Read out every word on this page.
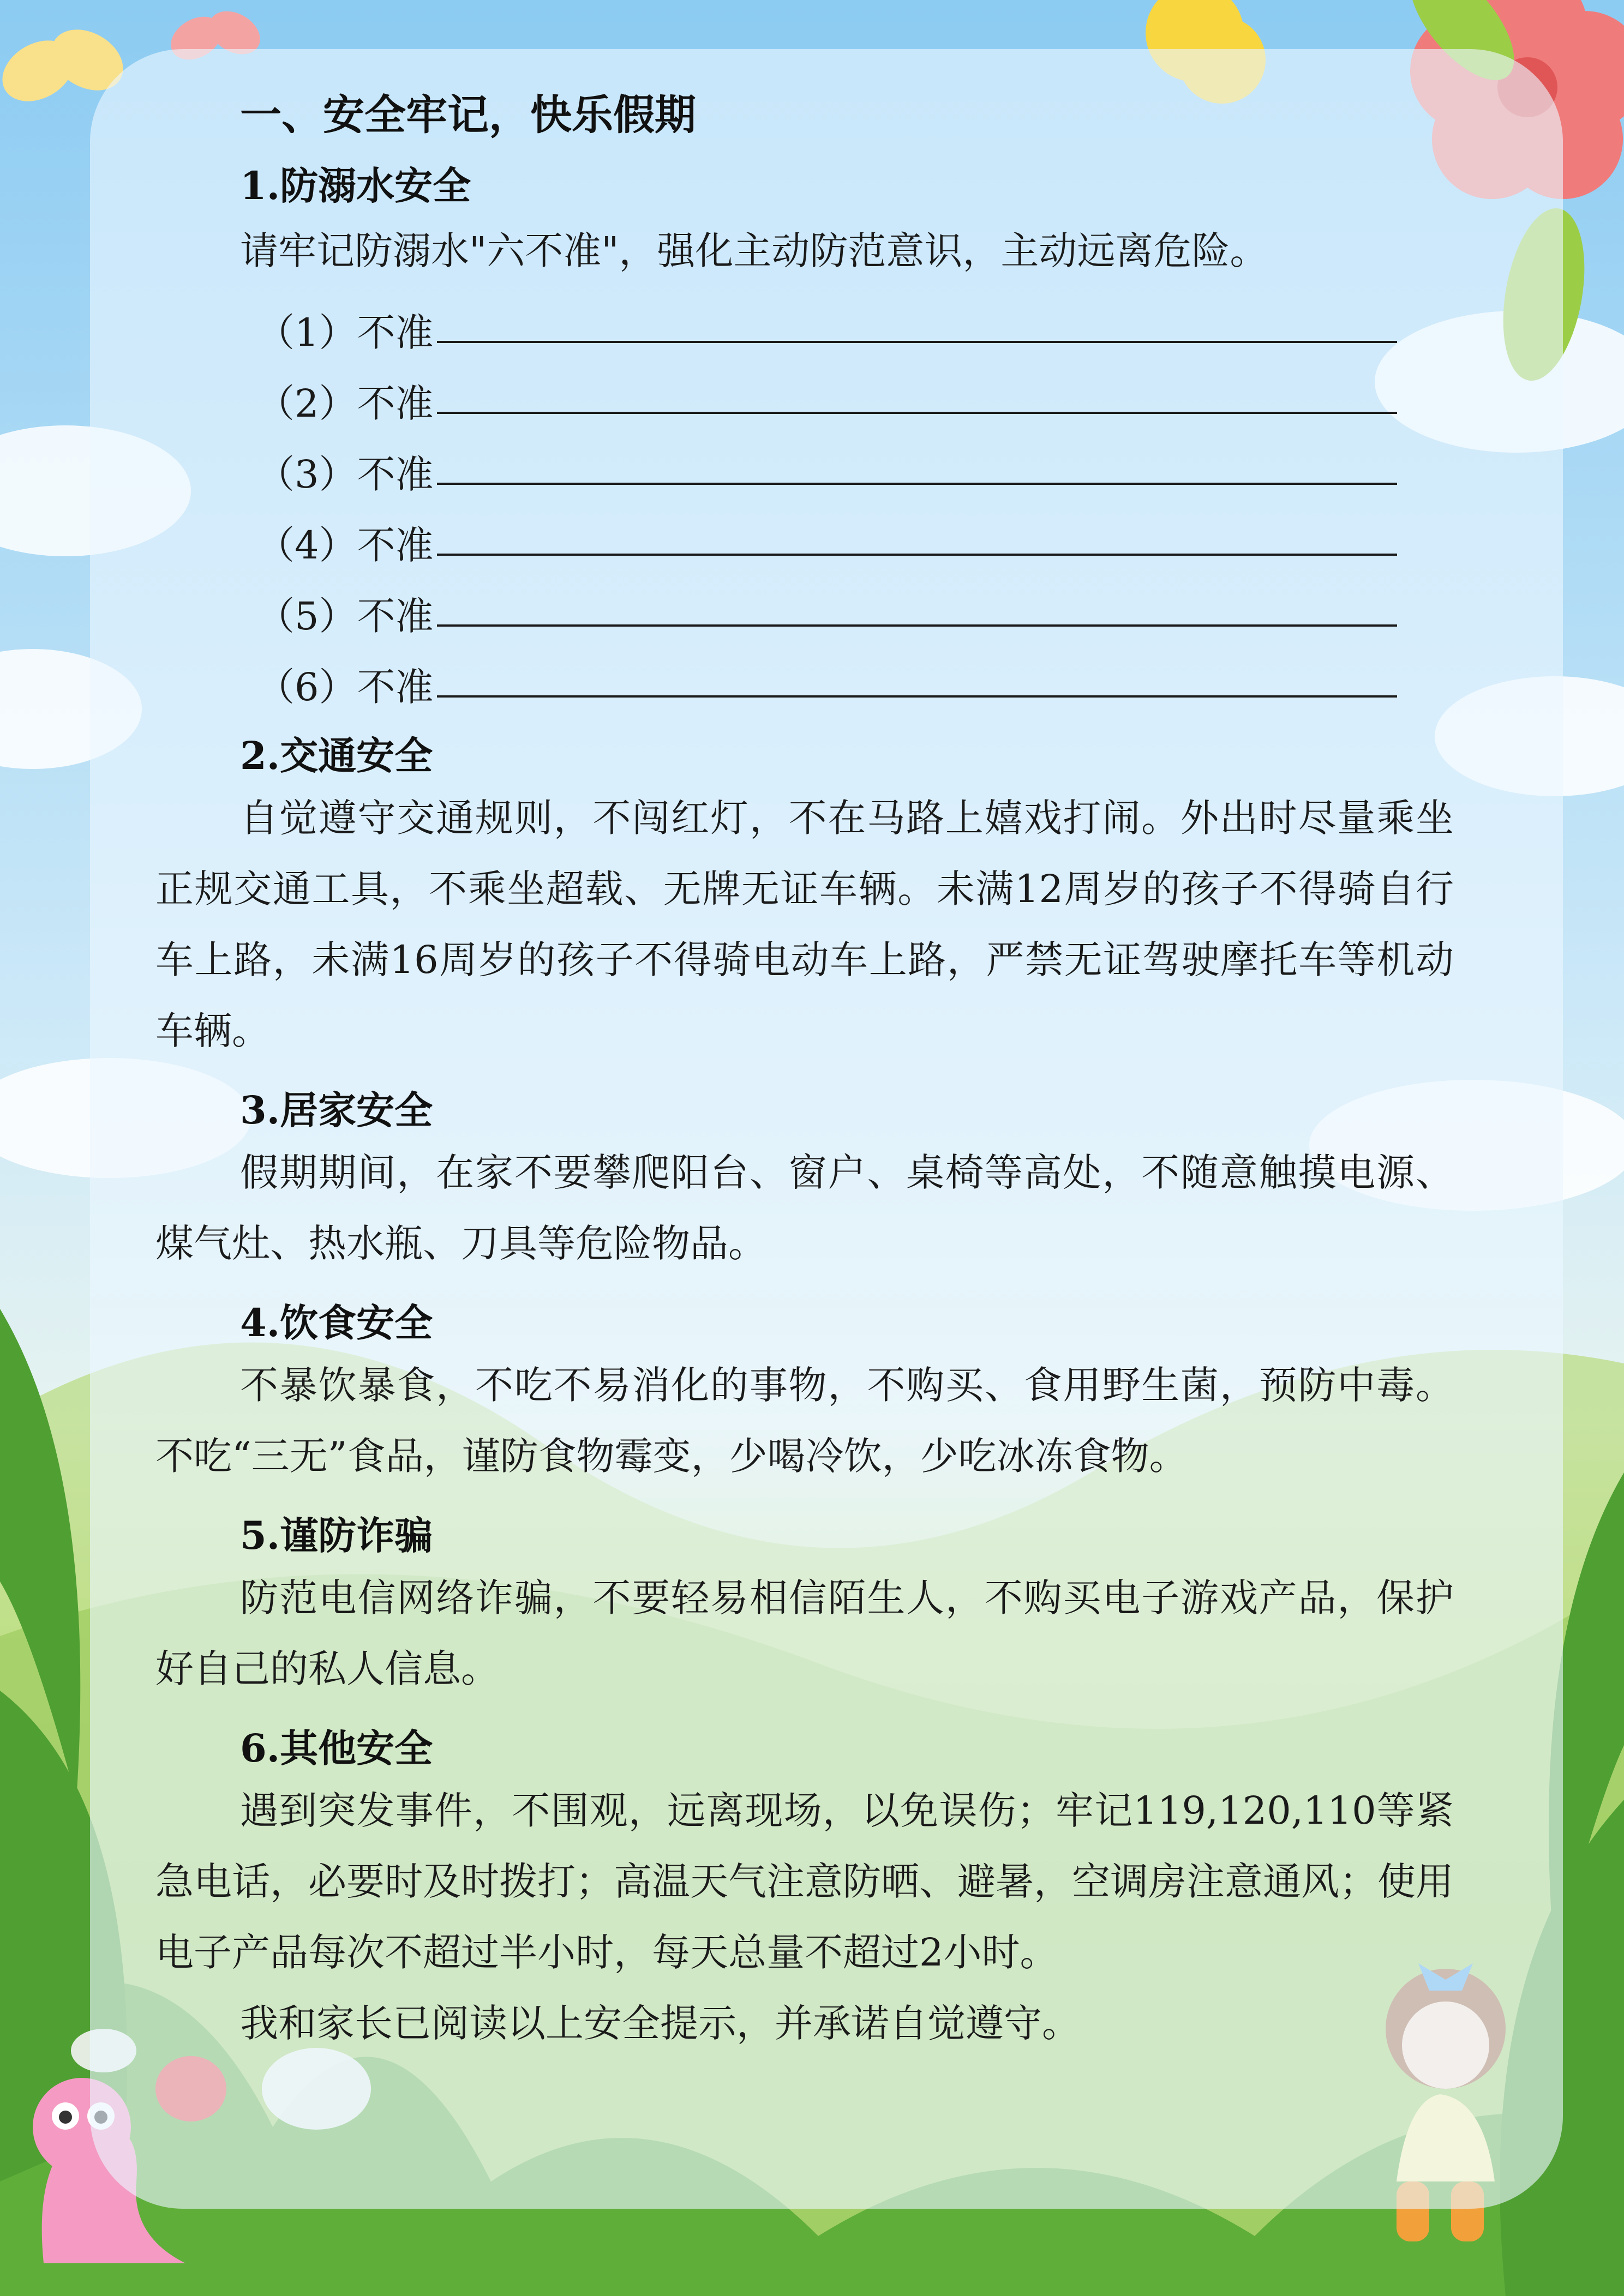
一、安全牢记，快乐假期
1.防溺水安全

请牢记防溺水"六不准"，强化主动防范意识，主动远离危险。

（1）不准
（2）不准
（3）不准
（4）不准
（5）不准
（6）不准
2.交通安全

自觉遵守交通规则，不闯红灯，不在马路上嬉戏打闹。外出时尽量乘坐正规交通工具，不乘坐超载、无牌无证车辆。未满12周岁的孩子不得骑自行车上路，未满16周岁的孩子不得骑电动车上路，严禁无证驾驶摩托车等机动车辆。

3.居家安全

假期期间，在家不要攀爬阳台、窗户、桌椅等高处，不随意触摸电源、煤气灶、热水瓶、刀具等危险物品。

4.饮食安全

不暴饮暴食，不吃不易消化的事物，不购买、食用野生菌，预防中毒。不吃“三无”食品，谨防食物霉变，少喝冷饮，少吃冰冻食物。

5.谨防诈骗

防范电信网络诈骗，不要轻易相信陌生人，不购买电子游戏产品，保护好自己的私人信息。

6.其他安全

遇到突发事件，不围观，远离现场，以免误伤；牢记119,120,110等紧急电话，必要时及时拨打；高温天气注意防晒、避暑，空调房注意通风；使用电子产品每次不超过半小时，每天总量不超过2小时。

我和家长已阅读以上安全提示，并承诺自觉遵守。
